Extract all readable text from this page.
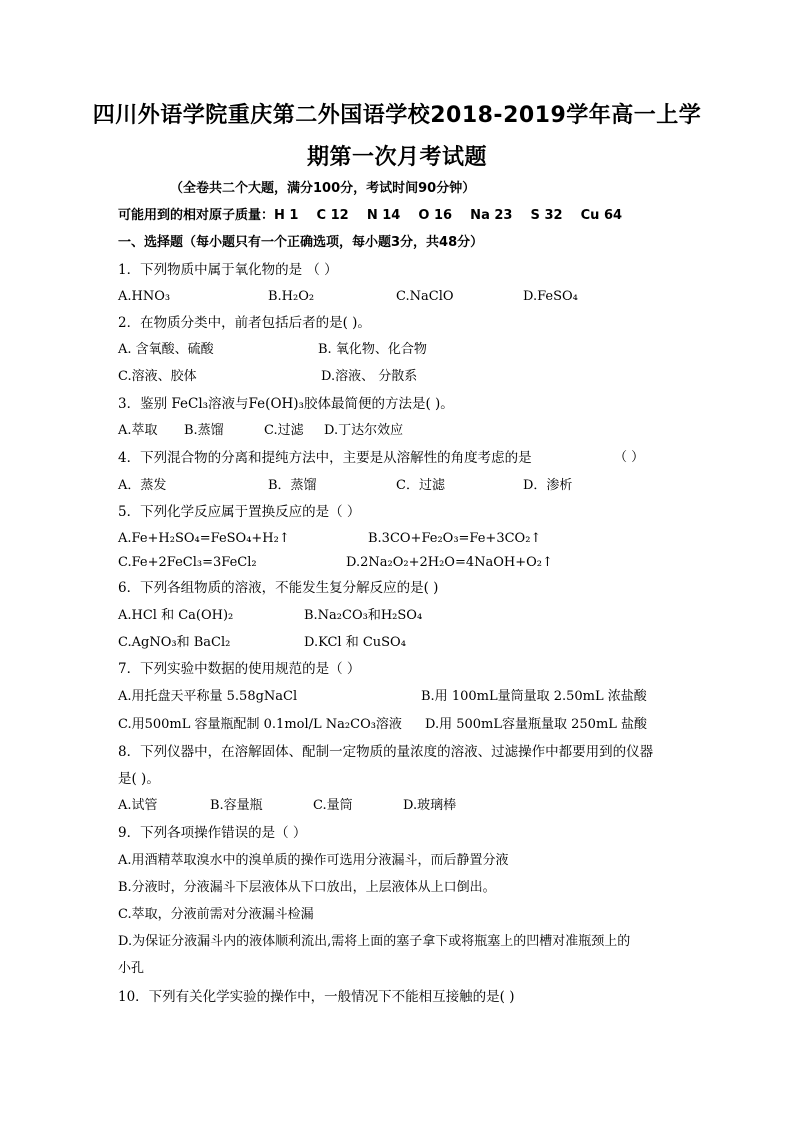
四川外语学院重庆第二外国语学校2018-2019学年高一上学
期第一次月考试题
（全卷共二个大题，满分100分，考试时间90分钟）
可能用到的相对原子质量：H 1    C 12    N 14    O 16    Na 23    S 32    Cu 64
一、选择题（每小题只有一个正确选项，每小题3分，共48分）
1．下列物质中属于氧化物的是 （ ）
A.HNO₃	B.H₂O₂	C.NaClO	D.FeSO₄
2．在物质分类中，前者包括后者的是( )。
A. 含氧酸、硫酸	B. 氧化物、化合物
C.溶液、胶体	D.溶液、 分散系
3．鉴别 FeCl₃溶液与Fe(OH)₃胶体最简便的方法是( )。
A.萃取 B.蒸馏	C.过滤 D.丁达尔效应
4．下列混合物的分离和提纯方法中，主要是从溶解性的角度考虑的是	（ ）
A．蒸发	B．蒸馏	C．过滤	D．渗析
5．下列化学反应属于置换反应的是（ ）
A.Fe+H₂SO₄=FeSO₄+H₂↑	B.3CO+Fe₂O₃=Fe+3CO₂↑
C.Fe+2FeCl₃=3FeCl₂	D.2Na₂O₂+2H₂O=4NaOH+O₂↑
6．下列各组物质的溶液，不能发生复分解反应的是( )
A.HCl 和 Ca(OH)₂	B.Na₂CO₃和H₂SO₄
C.AgNO₃和 BaCl₂	D.KCl 和 CuSO₄
7．下列实验中数据的使用规范的是（ ）
A.用托盘天平称量 5.58gNaCl	B.用 100mL量筒量取 2.50mL 浓盐酸
C.用500mL 容量瓶配制 0.1mol/L Na₂CO₃溶液 D.用 500mL容量瓶量取 250mL 盐酸
8．下列仪器中，在溶解固体、配制一定物质的量浓度的溶液、过滤操作中都要用到的仪器
是( )。
A.试管	B.容量瓶	C.量筒	D.玻璃棒
9．下列各项操作错误的是（ ）
A.用酒精萃取溴水中的溴单质的操作可选用分液漏斗，而后静置分液
B.分液时，分液漏斗下层液体从下口放出，上层液体从上口倒出。
C.萃取，分液前需对分液漏斗检漏
D.为保证分液漏斗内的液体顺利流出,需将上面的塞子拿下或将瓶塞上的凹槽对准瓶颈上的
小孔
10．下列有关化学实验的操作中，一般情况下不能相互接触的是( )
